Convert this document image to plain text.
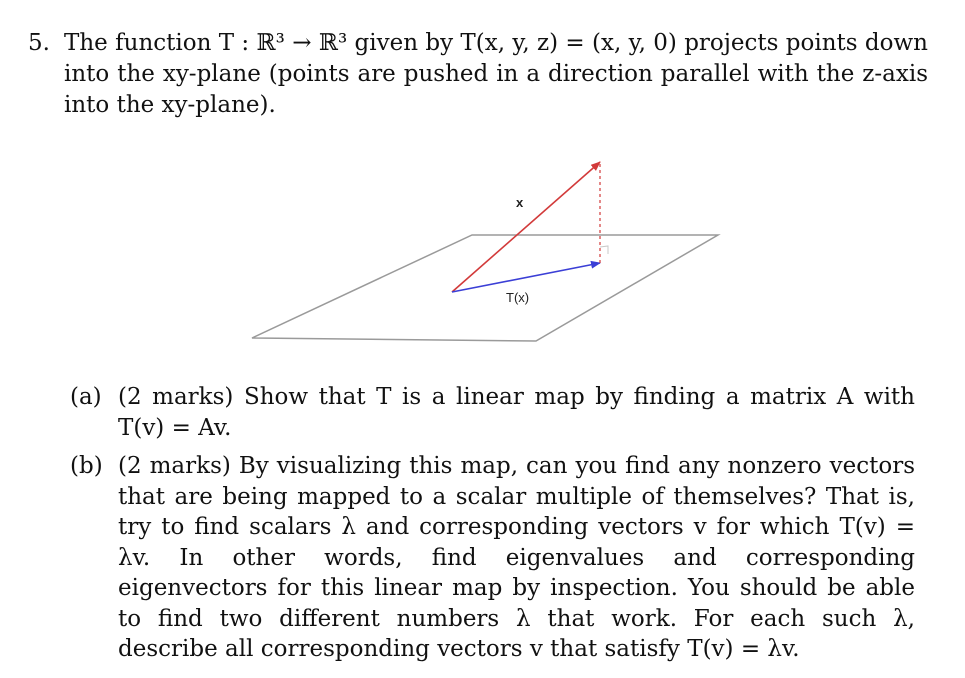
5. The function T : ℝ³ → ℝ³ given by T(x, y, z) = (x, y, 0) projects points down into the xy-plane (points are pushed in a direction parallel with the z-axis into the xy-plane).
x
T(x)
(a) (2 marks) Show that T is a linear map by finding a matrix A with T(v) = Av.
(b) (2 marks) By visualizing this map, can you find any nonzero vectors that are being mapped to a scalar multiple of themselves? That is, try to find scalars λ and corresponding vectors v for which T(v) = λv. In other words, find eigenvalues and corresponding eigenvectors for this linear map by inspection. You should be able to find two different numbers λ that work. For each such λ, describe all corresponding vectors v that satisfy T(v) = λv.
